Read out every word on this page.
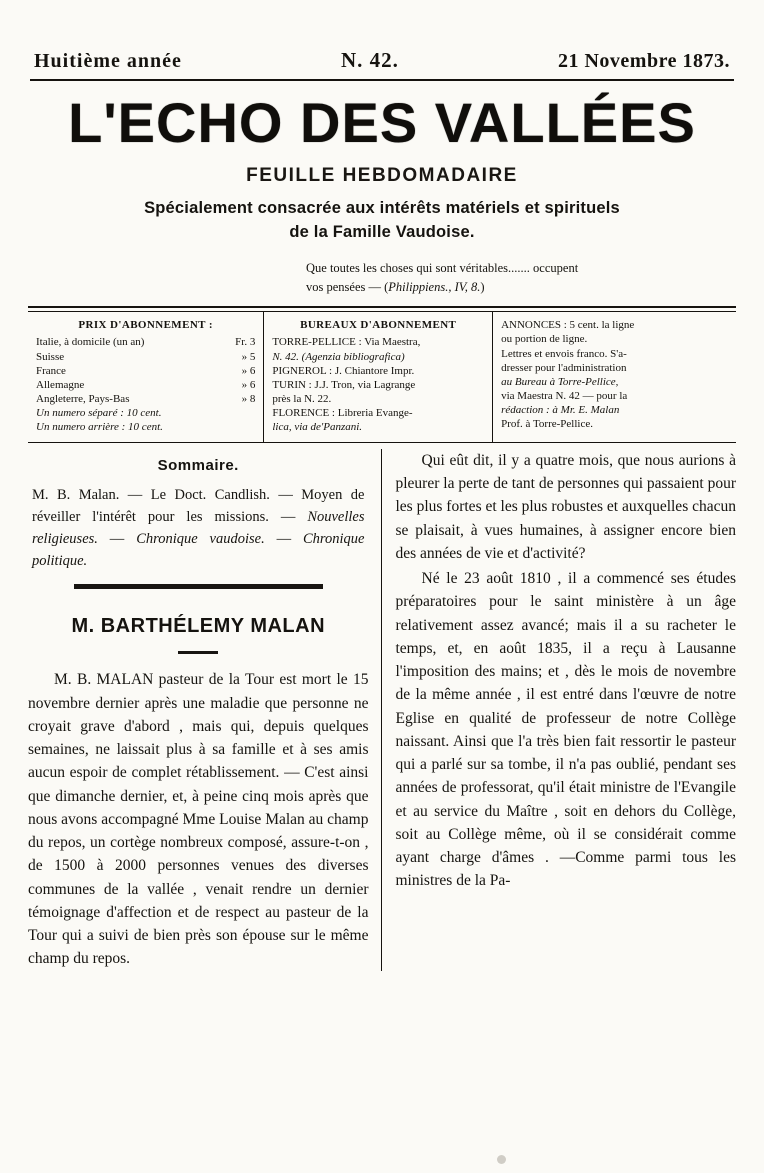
Huitième année	N. 42.	21 Novembre 1873.
L'ECHO DES VALLÉES
FEUILLE HEBDOMADAIRE
Spécialement consacrée aux intérêts matériels et spirituels
de la Famille Vaudoise.
Que toutes les choses qui sont véritables....... occupent
vos pensées — (Philippiens., IV, 8.)
PRIX D'ABONNEMENT :
Italie, à domicile (un an)	Fr. 3
Suisse	» 5
France	» 6
Allemagne	» 6
Angleterre, Pays-Bas	» 8
Un numero séparé : 10 cent.
Un numero arrière : 10 cent.
BUREAUX D'ABONNEMENT
TORRE-PELLICE : Via Maestra,
N. 42. (Agenzia bibliografica)
PIGNEROL : J. Chiantore Impr.
TURIN : J.J. Tron, via Lagrange
près la N. 22.
FLORENCE : Libreria Evange-
lica, via de'Panzani.

ANNONCES : 5 cent. la ligne

ou portion de ligne.

Lettres et envois franco. S'a-

dresser pour l'administration

au Bureau à Torre-Pellice,

via Maestra N. 42 — pour la

rédaction : à Mr. E. Malan

Prof. à Torre-Pellice.

Sommaire.
M. B. Malan. — Le Doct. Candlish. — Moyen de réveiller l'intérêt pour les missions. — Nouvelles religieuses. — Chronique vaudoise. — Chronique politique.
M. BARTHÉLEMY MALAN

M. B. MALAN pasteur de la Tour est mort le 15 novembre dernier après une maladie que personne ne croyait grave d'abord , mais qui, depuis quelques semaines, ne laissait plus à sa famille et à ses amis aucun espoir de complet rétablissement. — C'est ainsi que dimanche dernier, et, à peine cinq mois après que nous avons accompagné Mme Louise Malan au champ du repos, un cortège nombreux composé, assure-t-on , de 1500 à 2000 personnes venues des diverses communes de la vallée , venait rendre un dernier témoignage d'affection et de respect au pasteur de la Tour qui a suivi de bien près son épouse sur le même champ du repos.

Qui eût dit, il y a quatre mois, que nous aurions à pleurer la perte de tant de personnes qui passaient pour les plus fortes et les plus robustes et auxquelles chacun se plaisait, à vues humaines, à assigner encore bien des années de vie et d'activité?

Né le 23 août 1810 , il a commencé ses études préparatoires pour le saint ministère à un âge relativement assez avancé; mais il a su racheter le temps, et, en août 1835, il a reçu à Lausanne l'imposition des mains; et , dès le mois de novembre de la même année , il est entré dans l'œuvre de notre Eglise en qualité de professeur de notre Collège naissant. Ainsi que l'a très bien fait ressortir le pasteur qui a parlé sur sa tombe, il n'a pas oublié, pendant ses années de professorat, qu'il était ministre de l'Evangile et au service du Maître , soit en dehors du Collège, soit au Collège même, où il se considérait comme ayant charge d'âmes . —Comme parmi tous les ministres de la Pa-
